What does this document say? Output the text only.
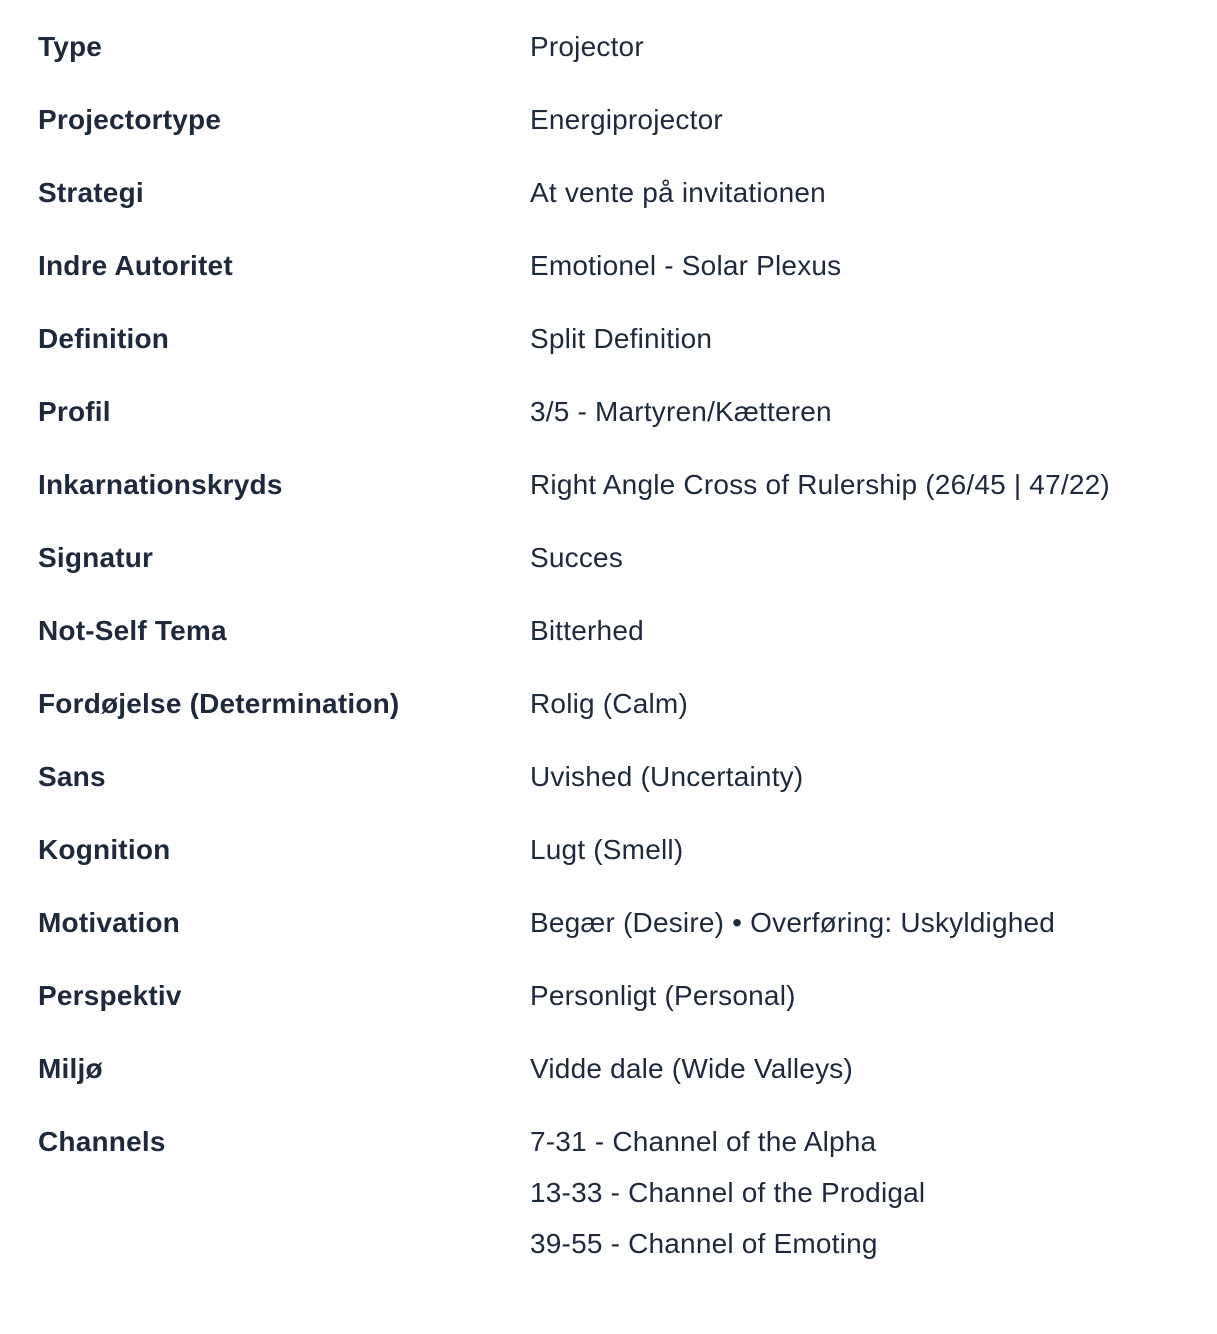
Type	Projector
Projectortype	Energiprojector
Strategi	At vente på invitationen
Indre Autoritet	Emotionel - Solar Plexus
Definition	Split Definition
Profil	3/5 - Martyren/Kætteren
Inkarnationskryds	Right Angle Cross of Rulership (26/45 | 47/22)
Signatur	Succes
Not-Self Tema	Bitterhed
Fordøjelse (Determination)	Rolig (Calm)
Sans	Uvished (Uncertainty)
Kognition	Lugt (Smell)
Motivation	Begær (Desire) • Overføring: Uskyldighed
Perspektiv	Personligt (Personal)
Miljø	Vidde dale (Wide Valleys)
Channels	7-31 - Channel of the Alpha
13-33 - Channel of the Prodigal
39-55 - Channel of Emoting
